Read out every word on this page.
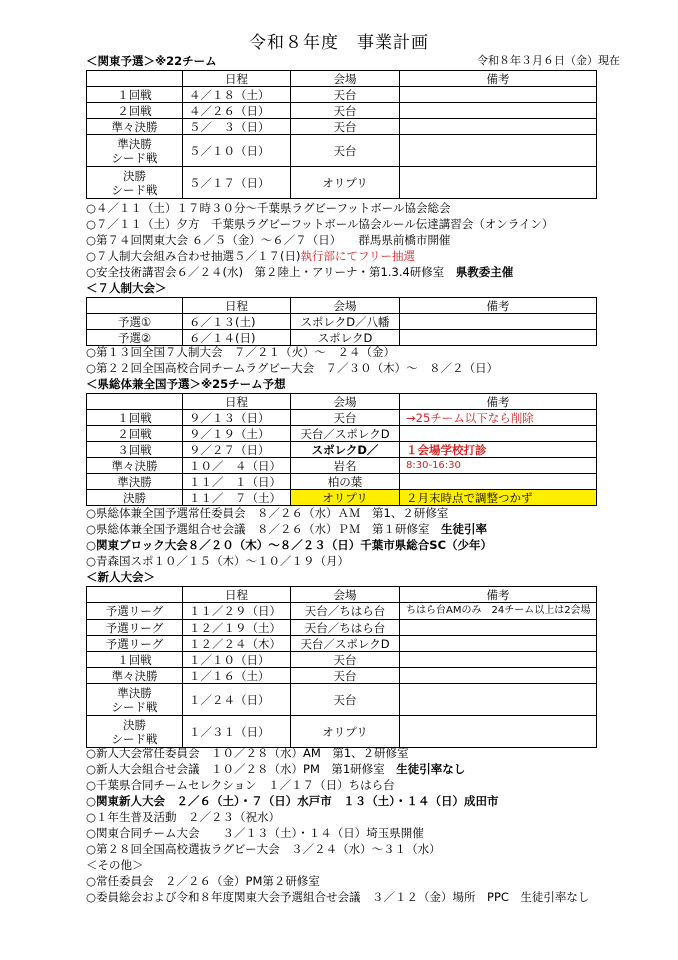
令和８年度　事業計画
＜関東予選＞※22チーム	令和８年３月６日（金）現在
	日程	会場	備考
１回戦	４／１８（土）	天台	
２回戦	４／２６（日）	天台	
準々決勝	５／　３（日）	天台	
準決勝
シード戦	５／１０（日）	天台	
決勝
シード戦	５／１７（日）	オリプリ	
○４／１１（土）１７時３０分～千葉県ラグビーフットボール協会総会
○７／１１（土）夕方　千葉県ラグビーフットボール協会ルール伝達講習会（オンライン）
○第７４回関東大会 ６／５（金）～６／７（日）　　群馬県前橋市開催
○７人制大会組み合わせ抽選５／１７(日)執行部にてフリー抽選
○安全技術講習会６／２４(水)　第２陸上・アリーナ・第1.3.4研修室　 県教委主催
＜７人制大会＞
	日程	会場	備考
予選①	６／１３(土)	スポレクD／八幡	
予選②	６／１４(日)	スポレクD	
○第１３回全国７人制大会　７／２１（火）～　２４（金）
○第２２回全国高校合同チームラグビー大会　７／３０（木）～　８／２（日）
＜県総体兼全国予選＞※25チーム予想
	日程	会場	備考
１回戦	９／１３（日）	天台	→25チーム以下なら削除
２回戦	９／１９（土）	天台／スポレクD	
３回戦	９／２７（日）	スポレクD／	１会場学校打診
準々決勝	１０／　４（日）	岩名	8:30-16:30
準決勝	１１／　１（日）	柏の葉	
決勝	１１／　７（土）	オリプリ	２月末時点で調整つかず
○県総体兼全国予選常任委員会　８／２６（水）ＡＭ　第1、２研修室
○県総体兼全国予選組合せ会議　８／２６（水）ＰＭ　第１研修室　 生徒引率
○関東ブロック大会８／２０（木）～８／２３（日）千葉市県総合SC（少年）
○青森国スポ１０／１５（木）～１０／１９（月）
＜新人大会＞
	日程	会場	備考
予選リーグ	１１／２９（日）	天台／ちはら台	ちはら台AMのみ　24チーム以上は2会場
予選リーグ	１２／１９（土）	天台／ちはら台	
予選リーグ	１２／２４（木）	天台／スポレクD	
１回戦	１／１０（日）	天台	
準々決勝	１／１６（土）	天台	
準決勝
シード戦	１／２４（日）	天台	
決勝
シード戦	１／３１（日）	オリプリ	
○新人大会常任委員会　１０／２８（水）AM　第1、２研修室
○新人大会組合せ会議　１０／２８（水）PM　第1研修室　 生徒引率なし
○千葉県合同チームセレクション　１／１７（日）ちはら台
○関東新人大会　２／６（土）・７（日）水戸市　１３（土）・１４（日）成田市
○１年生普及活動　２／２３（祝水）
○関東合同チーム大会　　３／１３（土）・１４（日）埼玉県開催
○第２８回全国高校選抜ラグビー大会　３／２４（水）～３１（水）
＜その他＞
○常任委員会　２／２６（金）PM第２研修室
○委員総会および令和８年度関東大会予選組合せ会議　３／１２（金）場所　PPC　生徒引率なし
